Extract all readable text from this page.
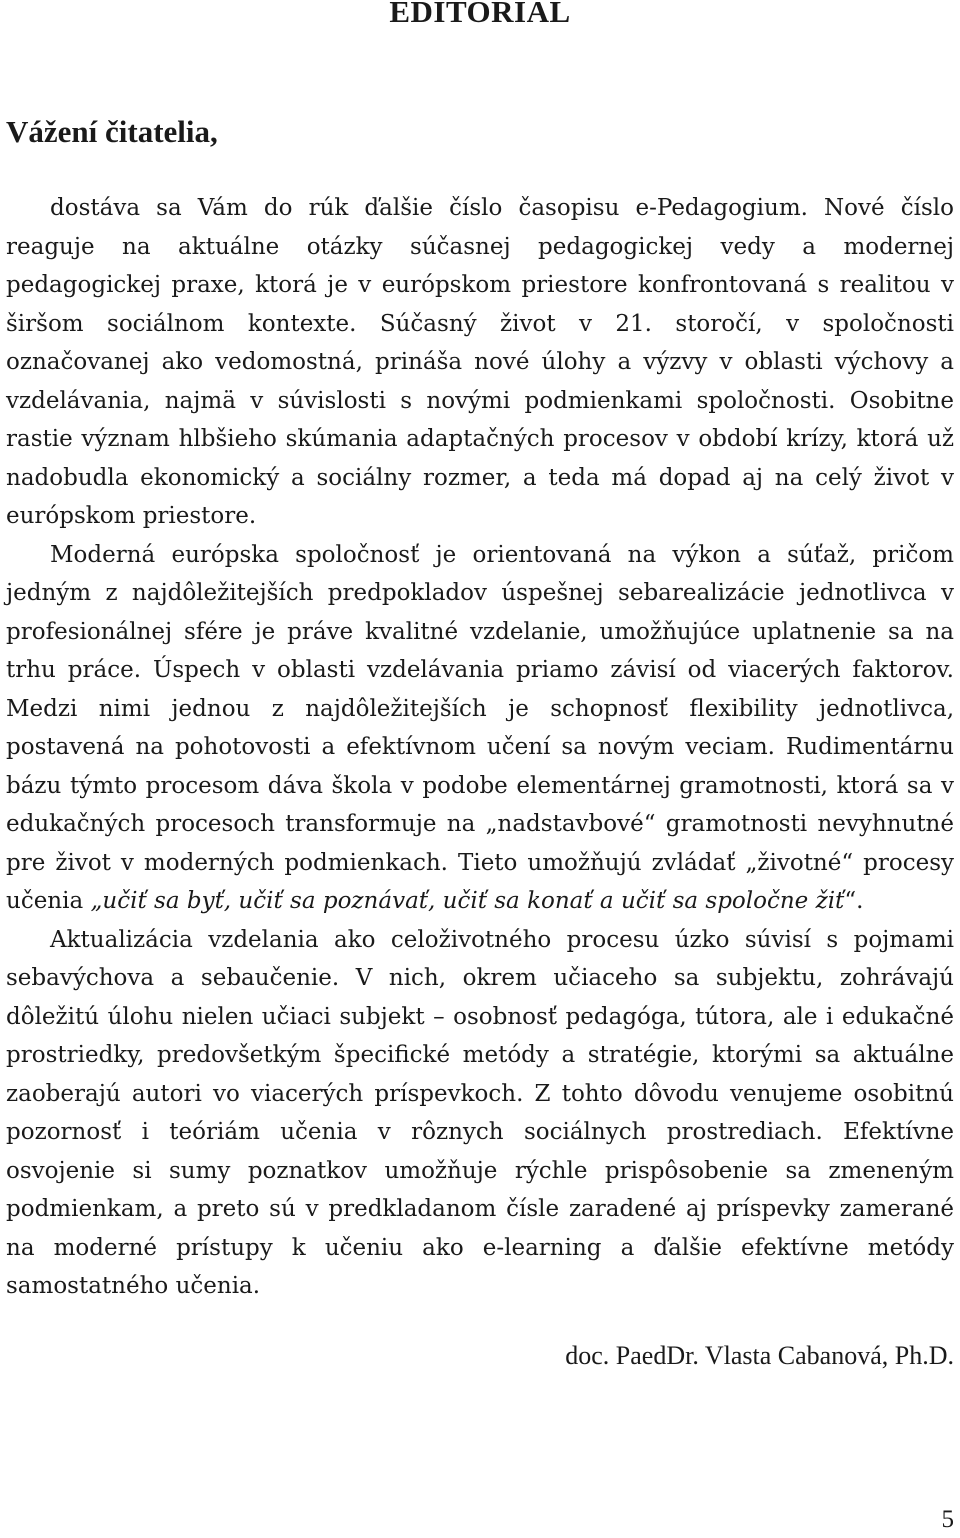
EDITORIAL
Vážení čitatelia,

dostáva sa Vám do rúk ďalšie číslo časopisu e-Pedagogium. Nové číslo reaguje na aktuálne otázky súčasnej pedagogickej vedy a modernej pedagogickej praxe, ktorá je v európskom priestore konfrontovaná s realitou v širšom sociálnom kontexte. Súčasný život v 21. storočí, v spoločnosti označovanej ako vedomostná, prináša nové úlohy a výzvy v oblasti výchovy a vzdelávania, najmä v súvislosti s novými podmienkami spoločnosti. Osobitne rastie význam hlbšieho skúmania adaptačných procesov v období krízy, ktorá už nadobudla ekonomický a sociálny rozmer, a teda má dopad aj na celý život v európskom priestore.

Moderná európska spoločnosť je orientovaná na výkon a súťaž, pričom jedným z najdôležitejších predpokladov úspešnej sebarealizácie jednotlivca v profesionálnej sfére je práve kvalitné vzdelanie, umožňujúce uplatnenie sa na trhu práce. Úspech v oblasti vzdelávania priamo závisí od viacerých faktorov. Medzi nimi jednou z najdôležitejších je schopnosť flexibility jednotlivca, postavená na pohotovosti a efektívnom učení sa novým veciam. Rudimentárnu bázu týmto procesom dáva škola v podobe elementárnej gramotnosti, ktorá sa v edukačných procesoch transformuje na „nadstavbové“ gramotnosti nevyhnutné pre život v moderných podmienkach. Tieto umožňujú zvládať „životné“ procesy učenia „učiť sa byť, učiť sa poznávať, učiť sa konať a učiť sa spoločne žiť“.

Aktualizácia vzdelania ako celoživotného procesu úzko súvisí s pojmami sebavýchova a sebaučenie. V nich, okrem učiaceho sa subjektu, zohrávajú dôležitú úlohu nielen učiaci subjekt – osobnosť pedagóga, tútora, ale i edukačné prostriedky, predovšetkým špecifické metódy a stratégie, ktorými sa aktuálne zaoberajú autori vo viacerých príspevkoch. Z tohto dôvodu venujeme osobitnú pozornosť i teóriám učenia v rôznych sociálnych prostrediach. Efektívne osvojenie si sumy poznatkov umožňuje rýchle prispôsobenie sa zmeneným podmienkam, a preto sú v predkladanom čísle zaradené aj príspevky zamerané na moderné prístupy k učeniu ako e-learning a ďalšie efektívne metódy samostatného učenia.

doc. PaedDr. Vlasta Cabanová, Ph.D.
5
